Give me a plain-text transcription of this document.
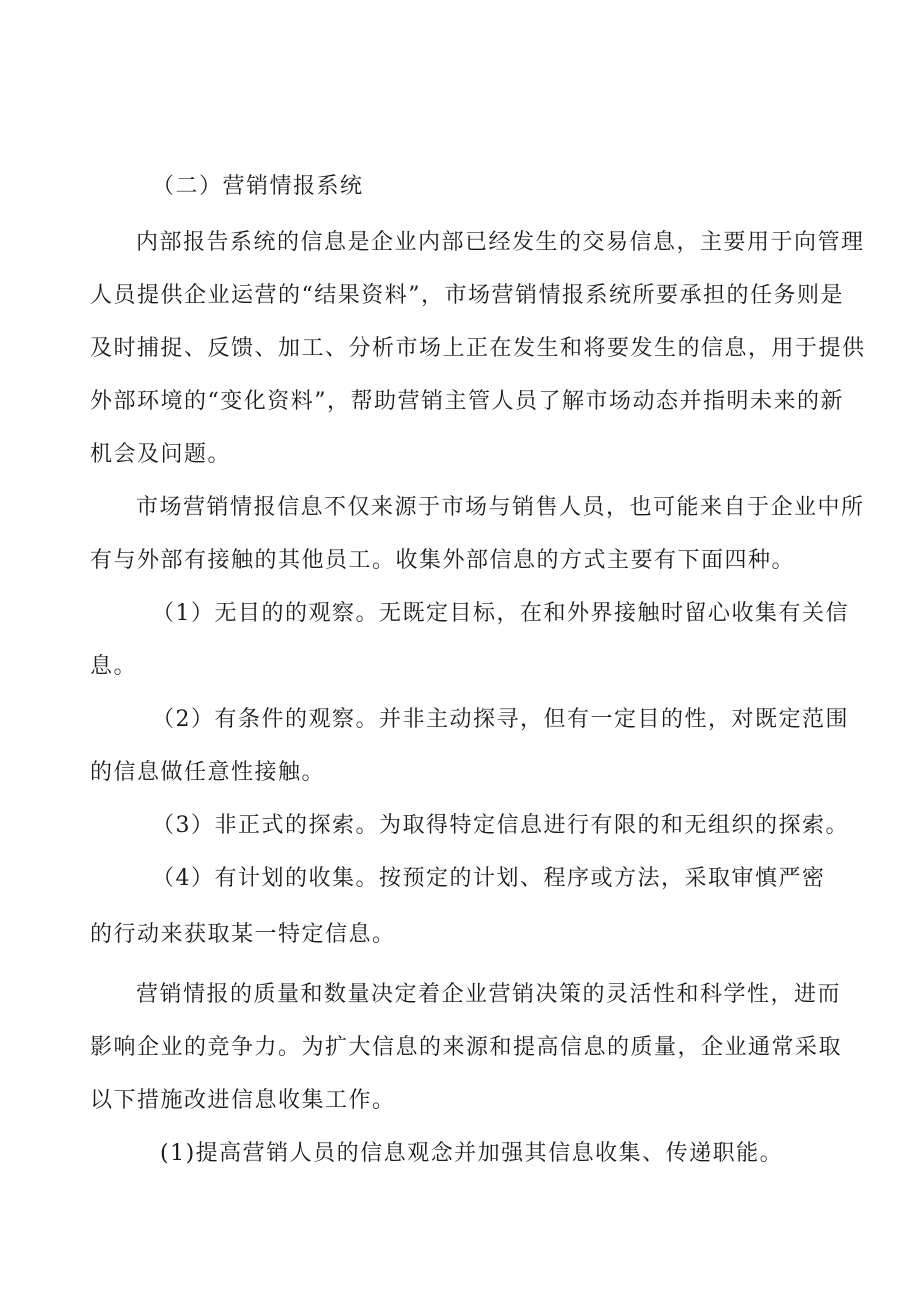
（二）营销情报系统
内部报告系统的信息是企业内部已经发生的交易信息，主要用于向管理
人员提供企业运营的“结果资料”，市场营销情报系统所要承担的任务则是
及时捕捉、反馈、加工、分析市场上正在发生和将要发生的信息，用于提供
外部环境的“变化资料”，帮助营销主管人员了解市场动态并指明未来的新
机会及问题。
市场营销情报信息不仅来源于市场与销售人员，也可能来自于企业中所
有与外部有接触的其他员工。收集外部信息的方式主要有下面四种。
（1）无目的的观察。无既定目标，在和外界接触时留心收集有关信
息。
（2）有条件的观察。并非主动探寻，但有一定目的性，对既定范围
的信息做任意性接触。
（3）非正式的探索。为取得特定信息进行有限的和无组织的探索。
（4）有计划的收集。按预定的计划、程序或方法，采取审慎严密
的行动来获取某一特定信息。
营销情报的质量和数量决定着企业营销决策的灵活性和科学性，进而
影响企业的竞争力。为扩大信息的来源和提高信息的质量，企业通常采取
以下措施改进信息收集工作。
(1)提高营销人员的信息观念并加强其信息收集、传递职能。
